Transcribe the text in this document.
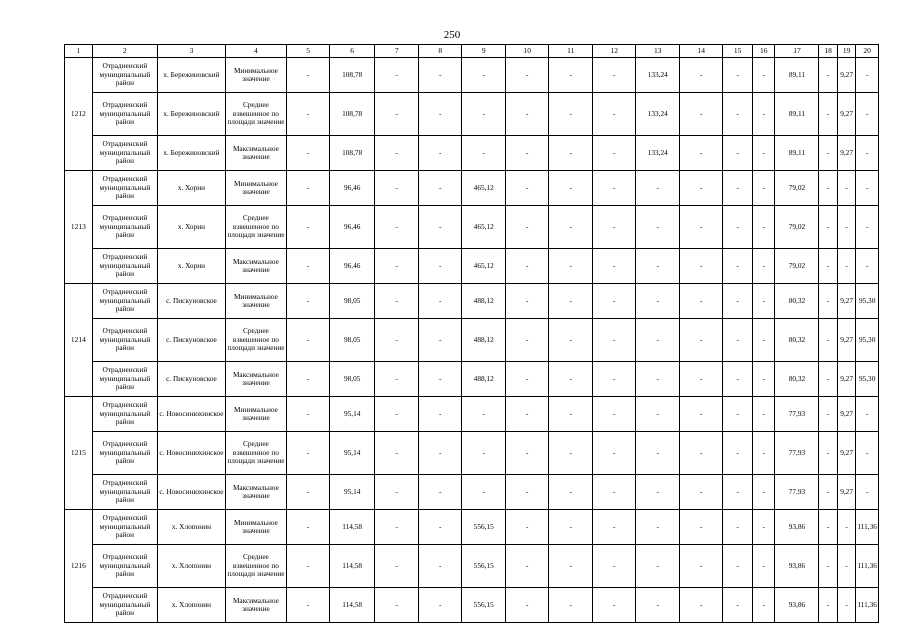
250
1	2	3	4	5	6	7	8	9	10	11	12	13	14	15	16	17	18	19	20
1212	Отрадненский муниципальный район	х. Бережиновский	Минимальное значение	-	108,78	-	-	-	-	-	-	133,24	-	-	-	89,11	-	9,27	-
	Отрадненский муниципальный район	х. Бережиновский	Среднее взвешенное по площади значение	-	108,78	-	-	-	-	-	-	133,24	-	-	-	89,11	-	9,27	-
	Отрадненский муниципальный район	х. Бережиновский	Максимальное значение	-	108,78	-	-	-	-	-	-	133,24	-	-	-	89,11	-	9,27	-
1213	Отрадненский муниципальный район	х. Хорин	Минимальное значение	-	96,46	-	-	465,12	-	-	-	-	-	-	-	79,02	-	-	-
	Отрадненский муниципальный район	х. Хорин	Среднее взвешенное по площади значение	-	96,46	-	-	465,12	-	-	-	-	-	-	-	79,02	-	-	-
	Отрадненский муниципальный район	х. Хорин	Максимальное значение	-	96,46	-	-	465,12	-	-	-	-	-	-	-	79,02	-	-	-
1214	Отрадненский муниципальный район	с. Пискуновское	Минимальное значение	-	98,05	-	-	488,12	-	-	-	-	-	-	-	80,32	-	9,27	95,30
	Отрадненский муниципальный район	с. Пискуновское	Среднее взвешенное по площади значение	-	98,05	-	-	488,12	-	-	-	-	-	-	-	80,32	-	9,27	95,30
	Отрадненский муниципальный район	с. Пискуновское	Максимальное значение	-	98,05	-	-	488,12	-	-	-	-	-	-	-	80,32	-	9,27	95,30
1215	Отрадненский муниципальный район	с. Новосинюхинское	Минимальное значение	-	95,14	-	-	-	-	-	-	-	-	-	-	77,93	-	9,27	-
	Отрадненский муниципальный район	с. Новосинюхинское	Среднее взвешенное по площади значение	-	95,14	-	-	-	-	-	-	-	-	-	-	77,93	-	9,27	-
	Отрадненский муниципальный район	с. Новосинюхинское	Максимальное значение	-	95,14	-	-	-	-	-	-	-	-	-	-	77,93	-	9,27	-
1216	Отрадненский муниципальный район	х. Хлопонин	Минимальное значение	-	114,58	-	-	556,15	-	-	-	-	-	-	-	93,86	-	-	111,36
	Отрадненский муниципальный район	х. Хлопонин	Среднее взвешенное по площади значение	-	114,58	-	-	556,15	-	-	-	-	-	-	-	93,86	-	-	111,36
	Отрадненский муниципальный район	х. Хлопонин	Максимальное значение	-	114,58	-	-	556,15	-	-	-	-	-	-	-	93,86	-	-	111,36
